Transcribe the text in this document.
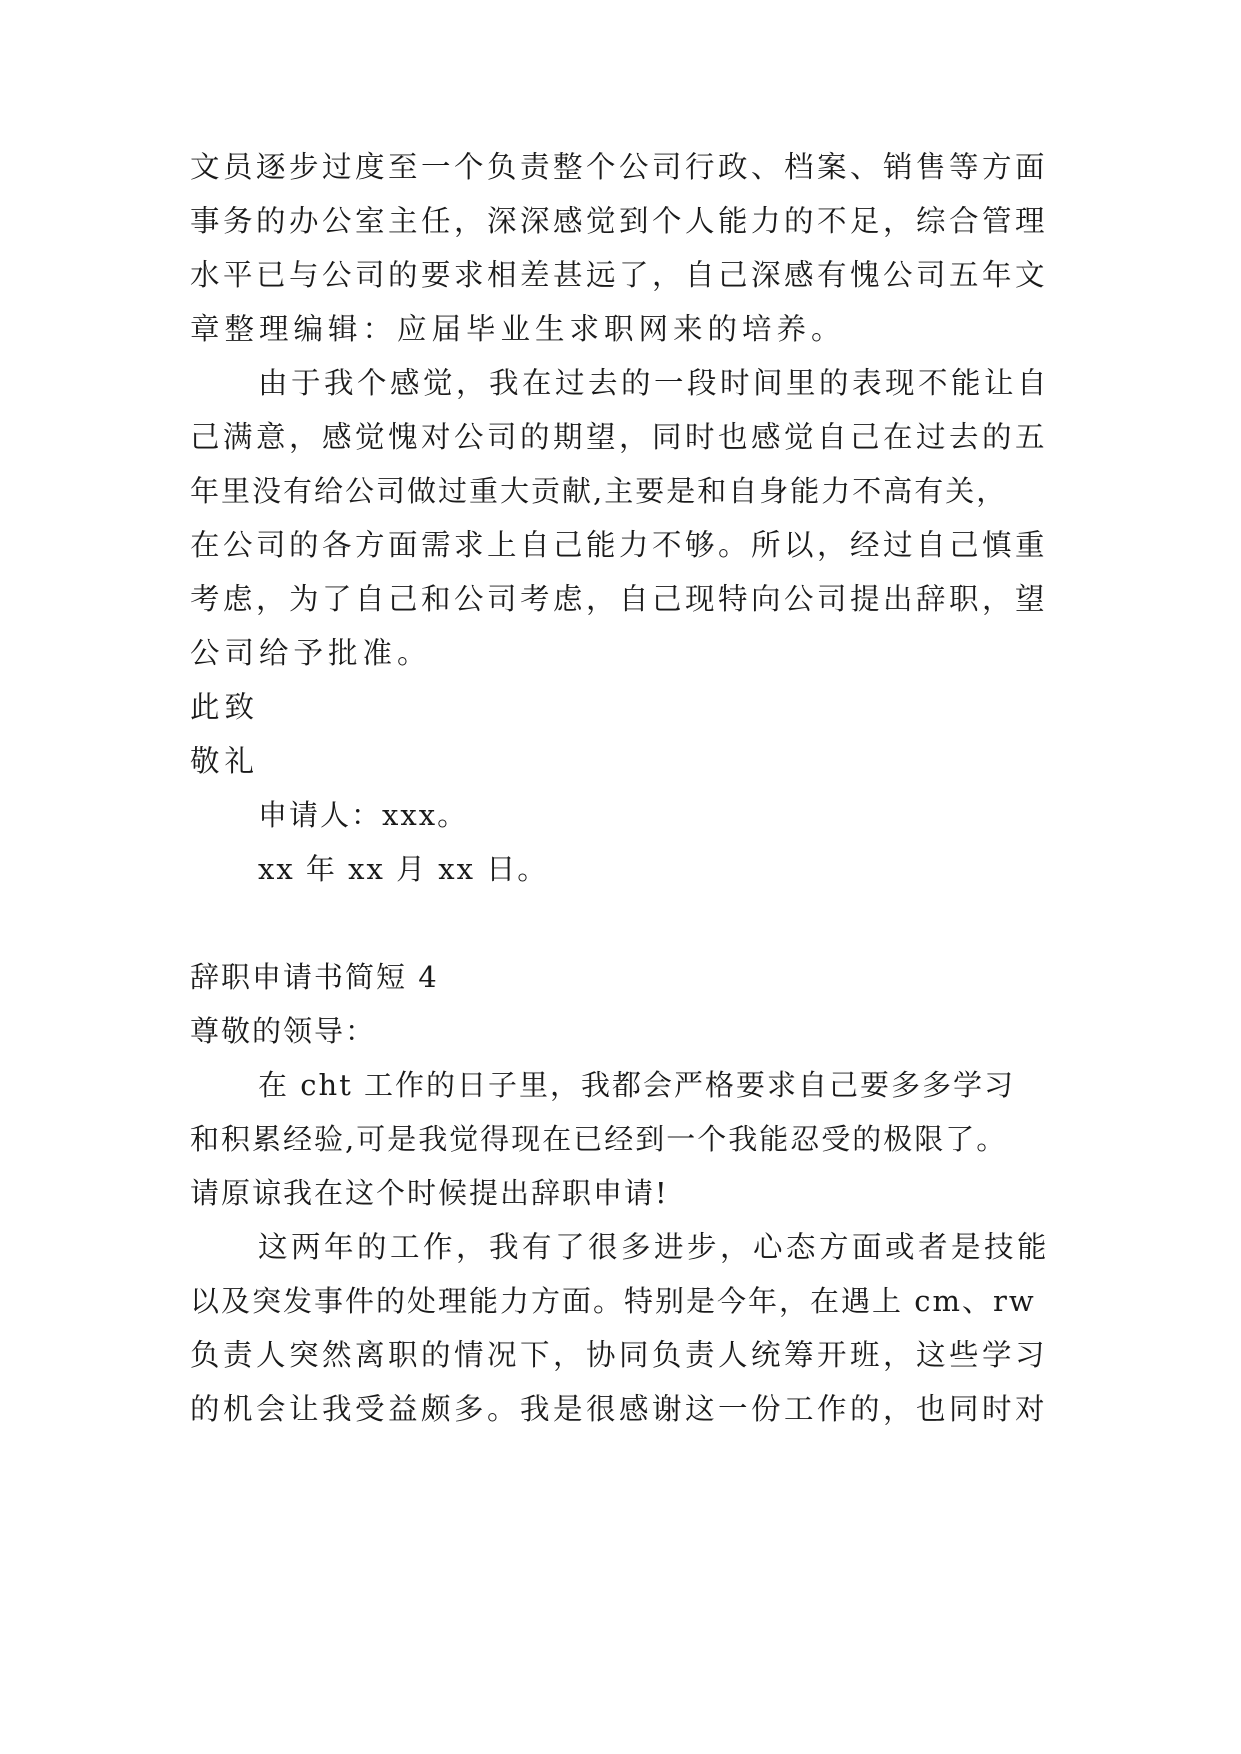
文员逐步过度至一个负责整个公司行政、档案、销售等方面

事务的办公室主任，深深感觉到个人能力的不足，综合管理

水平已与公司的要求相差甚远了，自己深感有愧公司五年文

章整理编辑：应届毕业生求职网来的培养。

由于我个感觉，我在过去的一段时间里的表现不能让自

己满意，感觉愧对公司的期望，同时也感觉自己在过去的五

年里没有给公司做过重大贡献,主要是和自身能力不高有关，

在公司的各方面需求上自己能力不够。所以，经过自己慎重

考虑，为了自己和公司考虑，自己现特向公司提出辞职，望

公司给予批准。

此致

敬礼

申请人：xxx。

xx 年 xx 月 xx 日。

辞职申请书简短 4

尊敬的领导：

在 cht 工作的日子里，我都会严格要求自己要多多学习

和积累经验,可是我觉得现在已经到一个我能忍受的极限了。

请原谅我在这个时候提出辞职申请!

这两年的工作，我有了很多进步，心态方面或者是技能

以及突发事件的处理能力方面。特别是今年，在遇上 cm、rw

负责人突然离职的情况下，协同负责人统筹开班，这些学习

的机会让我受益颇多。我是很感谢这一份工作的，也同时对
